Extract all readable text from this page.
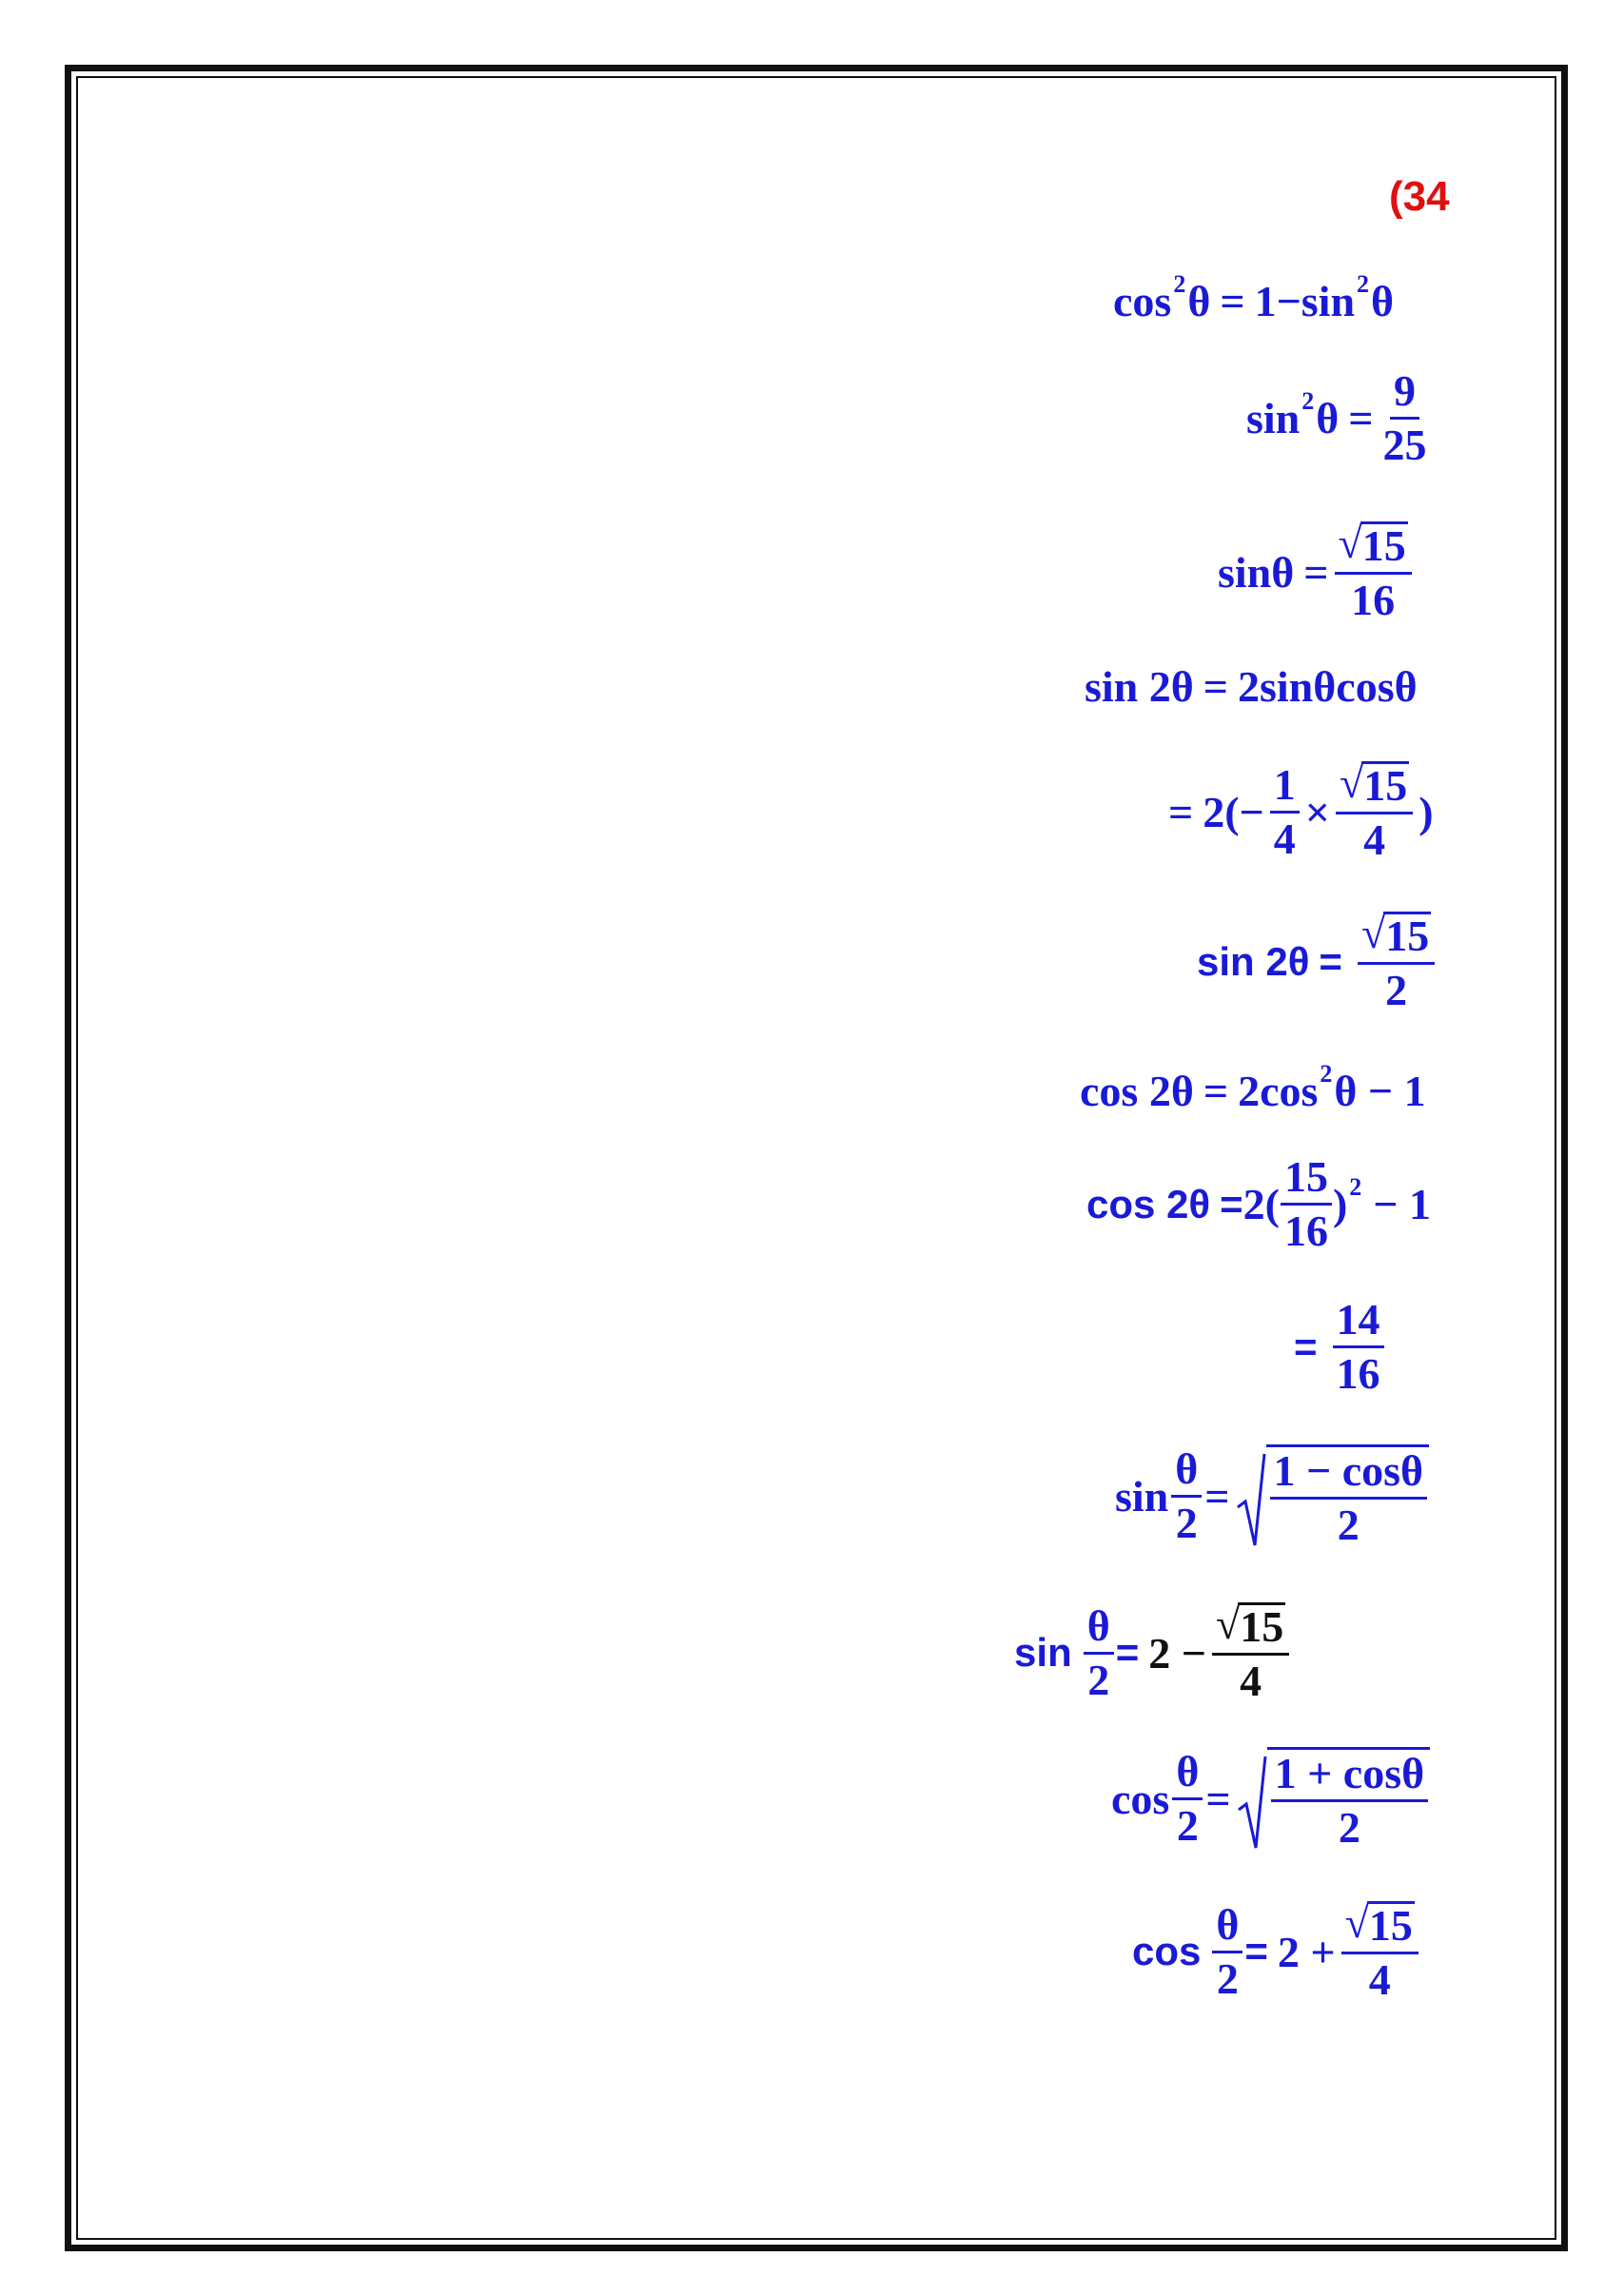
(34
cos 2 θ = 1 − sin 2 θ
sin 2 $\theta = \frac{9}{25}$
$\sin \theta = \frac{√ 15}{16}$
sin 2θ = 2sinθcosθ
= $2(- \frac{1}{4} \times \frac{√ 15}{4}$ )
$\sin 2\theta = \frac{√ 15}{2}$
cos 2θ = 2cos 2 θ − 1
$\cos 2\theta = 2( \frac{15}{16}$ ) 2 − 1
= $\frac{14}{16}$
$\sin \frac{\theta}{2} = \frac{1 - \cos\theta}{2}$
$\sin \frac{\theta}{2} = 2 - \frac{√ 15}{4}$
$\cos \frac{\theta}{2} = \frac{1 + \cos\theta}{2}$
$\cos \frac{\theta}{2} = 2 + \frac{√ 15}{4}$
